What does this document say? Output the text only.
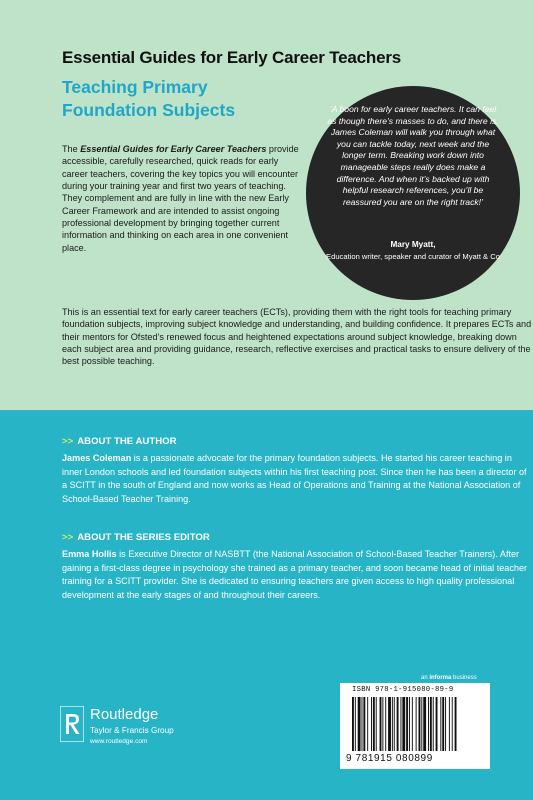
Essential Guides for Early Career Teachers
Teaching Primary
Foundation Subjects

The Essential Guides for Early Career Teachers provide accessible, carefully researched, quick reads for early career teachers, covering the key topics you will encounter during your training year and first two years of teaching. They complement and are fully in line with the new Early Career Framework and are intended to assist ongoing professional development by bringing together current information and thinking on each area in one convenient place.

‘A boon for early career teachers. It can feel as though there’s masses to do, and there is. James Coleman will walk you through what you can tackle today, next week and the longer term. Breaking work down into manageable steps really does make a difference. And when it’s backed up with helpful research references, you’ll be reassured you are on the right track!’

Mary Myatt,

Education writer, speaker and curator of Myatt & Co

This is an essential text for early career teachers (ECTs), providing them with the right tools for teaching primary foundation subjects, improving subject knowledge and understanding, and building confidence. It prepares ECTs and their mentors for Ofsted’s renewed focus and heightened expectations around subject knowledge, breaking down each subject area and providing guidance, research, reflective exercises and practical tasks to ensure delivery of the best possible teaching.

>> ABOUT THE AUTHOR

James Coleman is a passionate advocate for the primary foundation subjects. He started his career teaching in inner London schools and led foundation subjects within his first teaching post. Since then he has been a director of a SCITT in the south of England and now works as Head of Operations and Training at the National Association of School-Based Teacher Training.

>> ABOUT THE SERIES EDITOR

Emma Hollis is Executive Director of NASBTT (the National Association of School-Based Teacher Trainers). After gaining a first-class degree in psychology she trained as a primary teacher, and soon became head of initial teacher training for a SCITT provider. She is dedicated to ensuring teachers are given access to high quality professional development at the early stages of and throughout their careers.

an informa business

ISBN 978-1-915080-89-9

9 781915 080899

Routledge

Taylor & Francis Group

www.routledge.com
